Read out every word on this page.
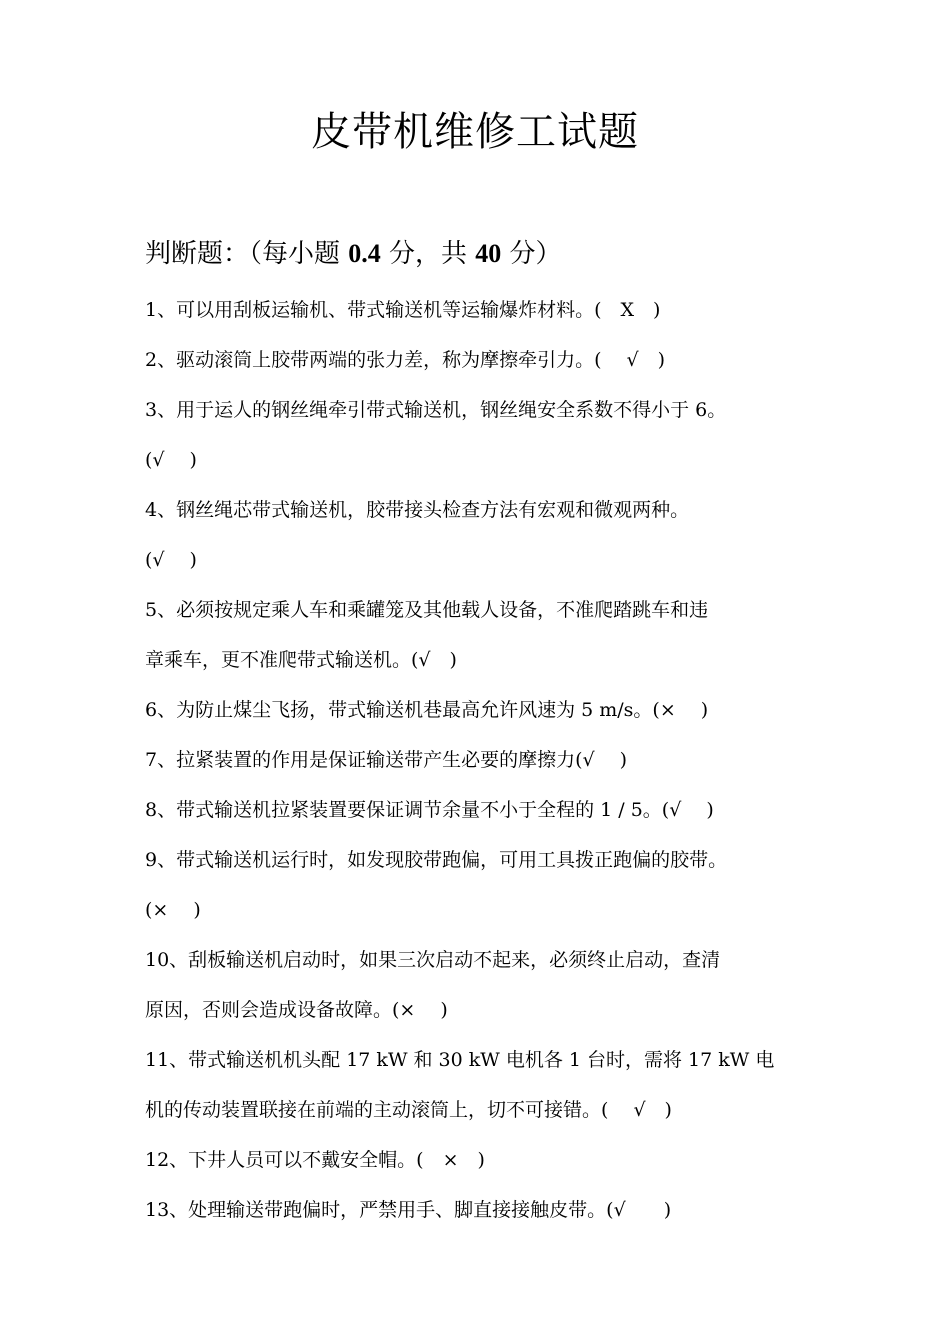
皮带机维修工试题
判断题：（每小题 0.4 分，共 40 分）
1、可以用刮板运输机、带式输送机等运输爆炸材料。(　X　)
2、驱动滚筒上胶带两端的张力差，称为摩擦牵引力。(　 √　)
3、用于运人的钢丝绳牵引带式输送机，钢丝绳安全系数不得小于 6。
(√　 )
4、钢丝绳芯带式输送机，胶带接头检查方法有宏观和微观两种。
(√　 )
5、必须按规定乘人车和乘罐笼及其他载人设备，不准爬踏跳车和违
章乘车，更不准爬带式输送机。(√　)
6、为防止煤尘飞扬，带式输送机巷最高允许风速为 5 m/s。(×　 )
7、拉紧装置的作用是保证输送带产生必要的摩擦力(√　 )
8、带式输送机拉紧装置要保证调节余量不小于全程的 1 / 5。(√　 )
9、带式输送机运行时，如发现胶带跑偏，可用工具拨正跑偏的胶带。
(×　 )
10、刮板输送机启动时，如果三次启动不起来，必须终止启动，查清
原因，否则会造成设备故障。(×　 )
11、带式输送机机头配 17 kW 和 30 kW 电机各 1 台时，需将 17 kW 电
机的传动装置联接在前端的主动滚筒上，切不可接错。(　 √　)
12、下井人员可以不戴安全帽。(　×　)
13、处理输送带跑偏时，严禁用手、脚直接接触皮带。(√　　)
